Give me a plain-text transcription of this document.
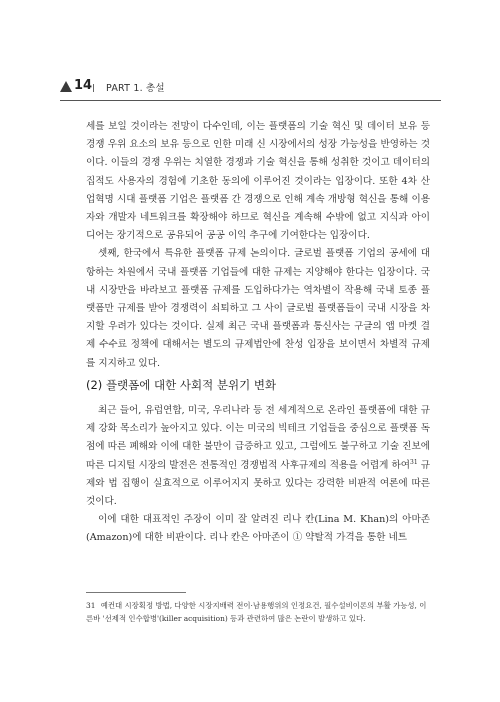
14 PART 1. 총설

세를 보일 것이라는 전망이 다수인데, 이는 플랫폼의 기술 혁신 및 데이터 보유 등 경쟁 우위 요소의 보유 등으로 인한 미래 신 시장에서의 성장 가능성을 반영하는 것이다. 이들의 경쟁 우위는 치열한 경쟁과 기술 혁신을 통해 성취한 것이고 데이터의 집적도 사용자의 경험에 기초한 동의에 이루어진 것이라는 입장이다. 또한 4차 산업혁명 시대 플랫폼 기업은 플랫폼 간 경쟁으로 인해 계속 개방형 혁신을 통해 이용자와 개발자 네트워크를 확장해야 하므로 혁신을 계속해 수밖에 없고 지식과 아이디어는 장기적으로 공유되어 공공 이익 추구에 기여한다는 입장이다.

셋째, 한국에서 특유한 플랫폼 규제 논의이다. 글로벌 플랫폼 기업의 공세에 대항하는 차원에서 국내 플랫폼 기업들에 대한 규제는 지양해야 한다는 입장이다. 국내 시장만을 바라보고 플랫폼 규제를 도입하다가는 역차별이 작용해 국내 토종 플랫폼만 규제를 받아 경쟁력이 쇠퇴하고 그 사이 글로벌 플랫폼들이 국내 시장을 차지할 우려가 있다는 것이다. 실제 최근 국내 플랫폼과 통신사는 구글의 앱 마켓 결제 수수료 정책에 대해서는 별도의 규제법안에 찬성 입장을 보이면서 차별적 규제를 지지하고 있다.

(2) 플랫폼에 대한 사회적 분위기 변화

최근 들어, 유럽연합, 미국, 우리나라 등 전 세계적으로 온라인 플랫폼에 대한 규제 강화 목소리가 높아지고 있다. 이는 미국의 빅테크 기업들을 중심으로 플랫폼 독점에 따른 폐해와 이에 대한 불만이 급증하고 있고, 그럼에도 불구하고 기술 진보에 따른 디지털 시장의 발전은 전통적인 경쟁법적 사후규제의 적용을 어렵게 하여$^{31}$ 규제와 법 집행이 실효적으로 이루어지지 못하고 있다는 강력한 비판적 여론에 따른 것이다.

이에 대한 대표적인 주장이 이미 잘 알려진 리나 칸(Lina M. Khan)의 아마존(Amazon)에 대한 비판이다. 리나 칸은 아마존이 ① 약탈적 가격을 통한 네트

31 예컨대 시장획정 방법, 다양한 시장지배력 전이·남용행위의 인정요건, 필수설비이론의 부활 가능성, 이른바 '선제적 인수합병'(killer acquisition) 등과 관련하여 많은 논란이 발생하고 있다.
